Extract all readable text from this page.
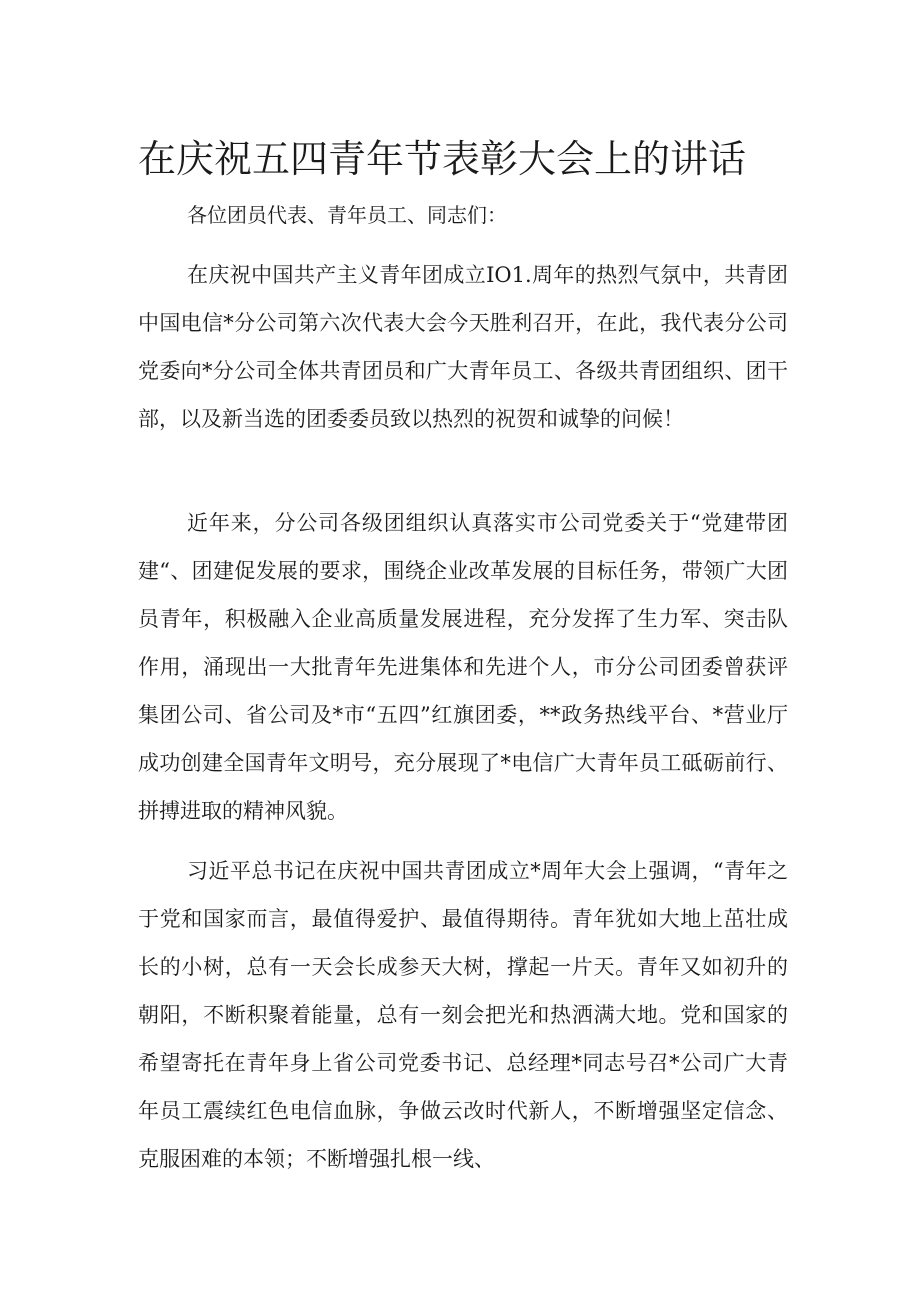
在庆祝五四青年节表彰大会上的讲话

各位团员代表、青年员工、同志们：

在庆祝中国共产主义青年团成立IO1.周年的热烈气氛中，共青团中国电信*分公司第六次代表大会今天胜利召开，在此，我代表分公司党委向*分公司全体共青团员和广大青年员工、各级共青团组织、团干部，以及新当选的团委委员致以热烈的祝贺和诚挚的问候！

近年来，分公司各级团组织认真落实市公司党委关于“党建带团建“、团建促发展的要求，围绕企业改革发展的目标任务，带领广大团员青年，积极融入企业高质量发展进程，充分发挥了生力军、突击队作用，涌现出一大批青年先进集体和先进个人，市分公司团委曾获评集团公司、省公司及*市“五四”红旗团委，**政务热线平台、*营业厅成功创建全国青年文明号，充分展现了*电信广大青年员工砥砺前行、拼搏进取的精神风貌。

习近平总书记在庆祝中国共青团成立*周年大会上强调，“青年之于党和国家而言，最值得爱护、最值得期待。青年犹如大地上茁壮成长的小树，总有一天会长成参天大树，撑起一片天。青年又如初升的朝阳，不断积聚着能量，总有一刻会把光和热洒满大地。党和国家的希望寄托在青年身上省公司党委书记、总经理*同志号召*公司广大青年员工震续红色电信血脉，争做云改时代新人，不断增强坚定信念、克服困难的本领；不断增强扎根一线、
